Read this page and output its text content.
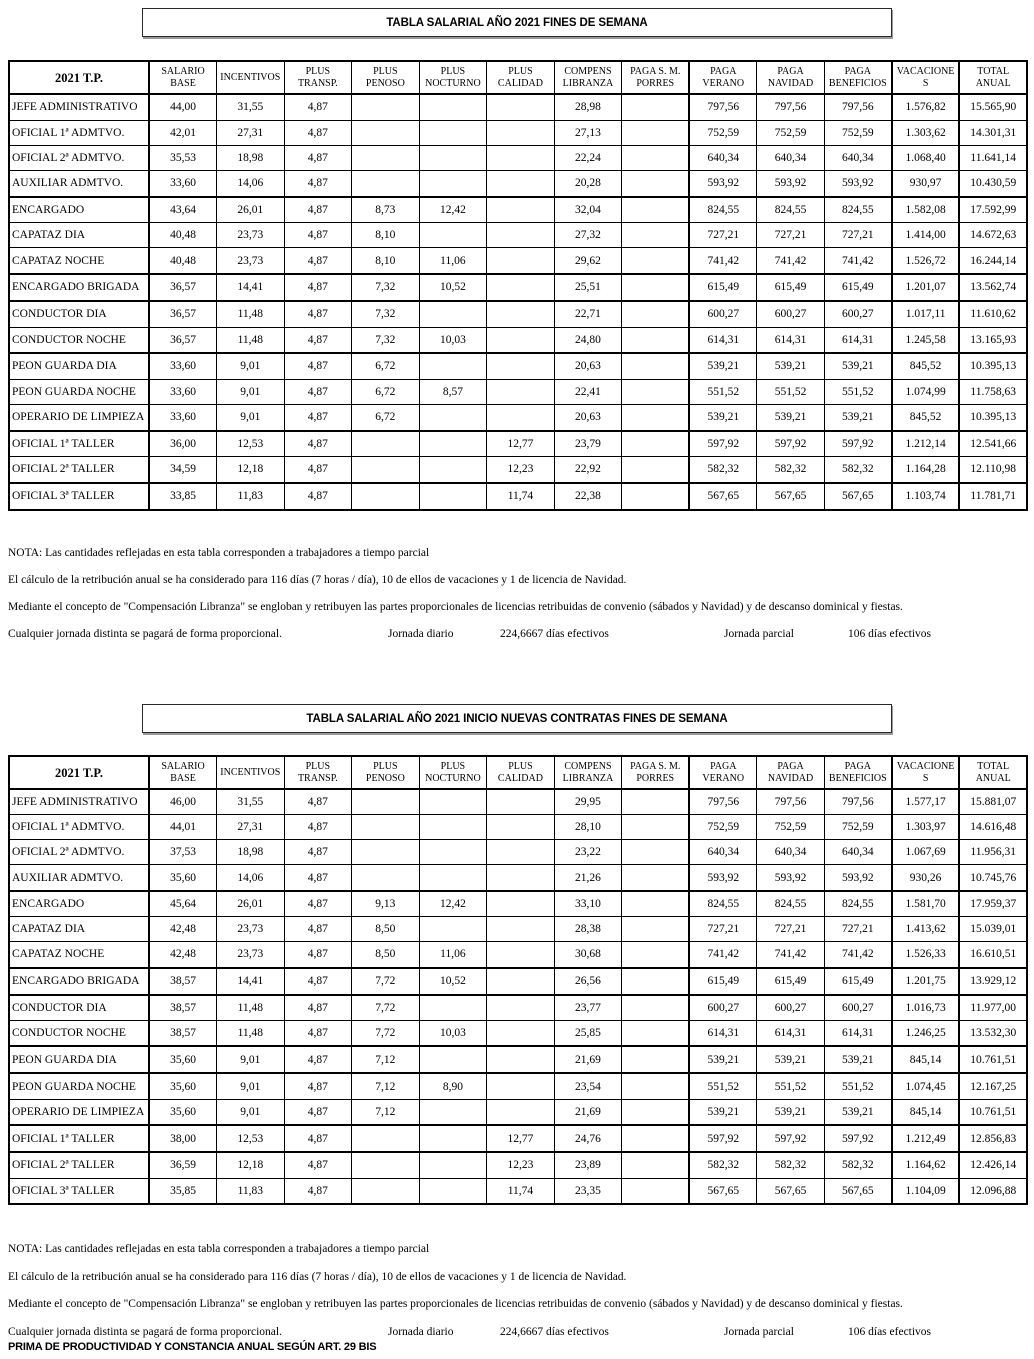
TABLA SALARIAL AÑO 2021 FINES DE SEMANA
2021 T.P.	SALARIO BASE	INCENTIVOS	PLUS TRANSP.	PLUS PENOSO	PLUS NOCTURNO	PLUS CALIDAD	COMPENS LIBRANZA	PAGA S. M. PORRES	PAGA VERANO	PAGA NAVIDAD	PAGA BENEFICIOS	VACACIONE​S	TOTAL ANUAL
JEFE ADMINISTRATIVO	44,00	31,55	4,87				28,98		797,56	797,56	797,56	1.576,82	15.565,90
OFICIAL 1ª ADMTVO.	42,01	27,31	4,87				27,13		752,59	752,59	752,59	1.303,62	14.301,31
OFICIAL 2ª ADMTVO.	35,53	18,98	4,87				22,24		640,34	640,34	640,34	1.068,40	11.641,14
AUXILIAR ADMTVO.	33,60	14,06	4,87				20,28		593,92	593,92	593,92	930,97	10.430,59
ENCARGADO	43,64	26,01	4,87	8,73	12,42		32,04		824,55	824,55	824,55	1.582,08	17.592,99
CAPATAZ DIA	40,48	23,73	4,87	8,10			27,32		727,21	727,21	727,21	1.414,00	14.672,63
CAPATAZ NOCHE	40,48	23,73	4,87	8,10	11,06		29,62		741,42	741,42	741,42	1.526,72	16.244,14
ENCARGADO BRIGADA	36,57	14,41	4,87	7,32	10,52		25,51		615,49	615,49	615,49	1.201,07	13.562,74
CONDUCTOR DIA	36,57	11,48	4,87	7,32			22,71		600,27	600,27	600,27	1.017,11	11.610,62
CONDUCTOR NOCHE	36,57	11,48	4,87	7,32	10,03		24,80		614,31	614,31	614,31	1.245,58	13.165,93
PEON GUARDA DIA	33,60	9,01	4,87	6,72			20,63		539,21	539,21	539,21	845,52	10.395,13
PEON GUARDA NOCHE	33,60	9,01	4,87	6,72	8,57		22,41		551,52	551,52	551,52	1.074,99	11.758,63
OPERARIO DE LIMPIEZA	33,60	9,01	4,87	6,72			20,63		539,21	539,21	539,21	845,52	10.395,13
OFICIAL 1ª TALLER	36,00	12,53	4,87			12,77	23,79		597,92	597,92	597,92	1.212,14	12.541,66
OFICIAL 2ª TALLER	34,59	12,18	4,87			12,23	22,92		582,32	582,32	582,32	1.164,28	12.110,98
OFICIAL 3ª TALLER	33,85	11,83	4,87			11,74	22,38		567,65	567,65	567,65	1.103,74	11.781,71

NOTA: Las cantidades reflejadas en esta tabla corresponden a trabajadores a tiempo parcial

El cálculo de la retribución anual se ha considerado para 116 días (7 horas / día), 10 de ellos de vacaciones y 1 de licencia de Navidad.

Mediante el concepto de "Compensación Libranza" se engloban y retribuyen las partes proporcionales de licencias retribuidas de convenio (sábados y Navidad) y de descanso dominical y fiestas.

Cualquier jornada distinta se pagará de forma proporcional.	Jornada diario	224,6667 días efectivos	Jornada parcial	106 días efectivos
TABLA SALARIAL AÑO 2021 INICIO NUEVAS CONTRATAS FINES DE SEMANA
2021 T.P.	SALARIO BASE	INCENTIVOS	PLUS TRANSP.	PLUS PENOSO	PLUS NOCTURNO	PLUS CALIDAD	COMPENS LIBRANZA	PAGA S. M. PORRES	PAGA VERANO	PAGA NAVIDAD	PAGA BENEFICIOS	VACACIONE​S	TOTAL ANUAL
JEFE ADMINISTRATIVO	46,00	31,55	4,87				29,95		797,56	797,56	797,56	1.577,17	15.881,07
OFICIAL 1ª ADMTVO.	44,01	27,31	4,87				28,10		752,59	752,59	752,59	1.303,97	14.616,48
OFICIAL 2ª ADMTVO.	37,53	18,98	4,87				23,22		640,34	640,34	640,34	1.067,69	11.956,31
AUXILIAR ADMTVO.	35,60	14,06	4,87				21,26		593,92	593,92	593,92	930,26	10.745,76
ENCARGADO	45,64	26,01	4,87	9,13	12,42		33,10		824,55	824,55	824,55	1.581,70	17.959,37
CAPATAZ DIA	42,48	23,73	4,87	8,50			28,38		727,21	727,21	727,21	1.413,62	15.039,01
CAPATAZ NOCHE	42,48	23,73	4,87	8,50	11,06		30,68		741,42	741,42	741,42	1.526,33	16.610,51
ENCARGADO BRIGADA	38,57	14,41	4,87	7,72	10,52		26,56		615,49	615,49	615,49	1.201,75	13.929,12
CONDUCTOR DIA	38,57	11,48	4,87	7,72			23,77		600,27	600,27	600,27	1.016,73	11.977,00
CONDUCTOR NOCHE	38,57	11,48	4,87	7,72	10,03		25,85		614,31	614,31	614,31	1.246,25	13.532,30
PEON GUARDA DIA	35,60	9,01	4,87	7,12			21,69		539,21	539,21	539,21	845,14	10.761,51
PEON GUARDA NOCHE	35,60	9,01	4,87	7,12	8,90		23,54		551,52	551,52	551,52	1.074,45	12.167,25
OPERARIO DE LIMPIEZA	35,60	9,01	4,87	7,12			21,69		539,21	539,21	539,21	845,14	10.761,51
OFICIAL 1ª TALLER	38,00	12,53	4,87			12,77	24,76		597,92	597,92	597,92	1.212,49	12.856,83
OFICIAL 2ª TALLER	36,59	12,18	4,87			12,23	23,89		582,32	582,32	582,32	1.164,62	12.426,14
OFICIAL 3ª TALLER	35,85	11,83	4,87			11,74	23,35		567,65	567,65	567,65	1.104,09	12.096,88

NOTA: Las cantidades reflejadas en esta tabla corresponden a trabajadores a tiempo parcial

El cálculo de la retribución anual se ha considerado para 116 días (7 horas / día), 10 de ellos de vacaciones y 1 de licencia de Navidad.

Mediante el concepto de "Compensación Libranza" se engloban y retribuyen las partes proporcionales de licencias retribuidas de convenio (sábados y Navidad) y de descanso dominical y fiestas.

Cualquier jornada distinta se pagará de forma proporcional.	Jornada diario	224,6667 días efectivos	Jornada parcial	106 días efectivos
PRIMA DE PRODUCTIVIDAD Y CONSTANCIA ANUAL SEGÚN ART. 29 BIS
